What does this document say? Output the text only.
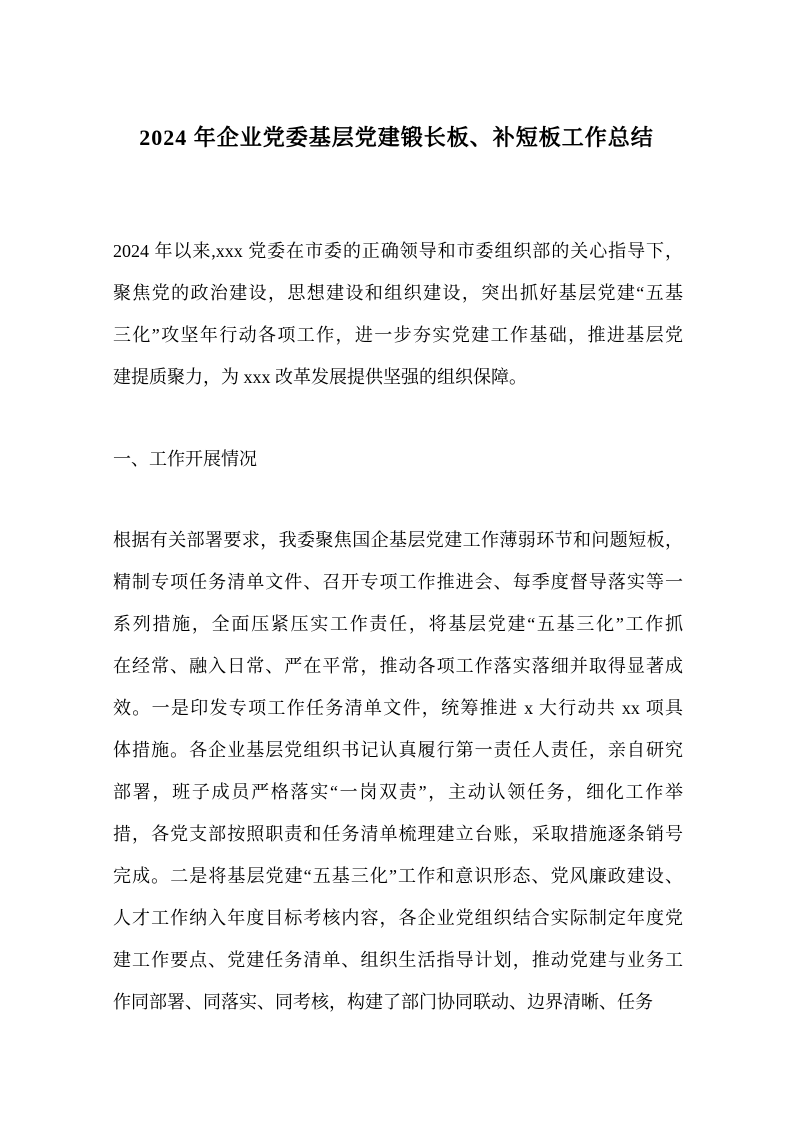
2024 年企业党委基层党建锻长板、补短板工作总结
2024 年以来,xxx 党委在市委的正确领导和市委组织部的关心指导下，
聚焦党的政治建设，思想建设和组织建设，突出抓好基层党建“五基
三化”攻坚年行动各项工作，进一步夯实党建工作基础，推进基层党
建提质聚力，为 xxx 改革发展提供坚强的组织保障。
一、工作开展情况
根据有关部署要求，我委聚焦国企基层党建工作薄弱环节和问题短板，
精制专项任务清单文件、召开专项工作推进会、每季度督导落实等一
系列措施，全面压紧压实工作责任，将基层党建“五基三化”工作抓
在经常、融入日常、严在平常，推动各项工作落实落细并取得显著成
效。一是印发专项工作任务清单文件，统筹推进 x 大行动共 xx 项具
体措施。各企业基层党组织书记认真履行第一责任人责任，亲自研究
部署，班子成员严格落实“一岗双责”，主动认领任务，细化工作举
措，各党支部按照职责和任务清单梳理建立台账，采取措施逐条销号
完成。二是将基层党建“五基三化”工作和意识形态、党风廉政建设、
人才工作纳入年度目标考核内容，各企业党组织结合实际制定年度党
建工作要点、党建任务清单、组织生活指导计划，推动党建与业务工
作同部署、同落实、同考核，构建了部门协同联动、边界清晰、任务
